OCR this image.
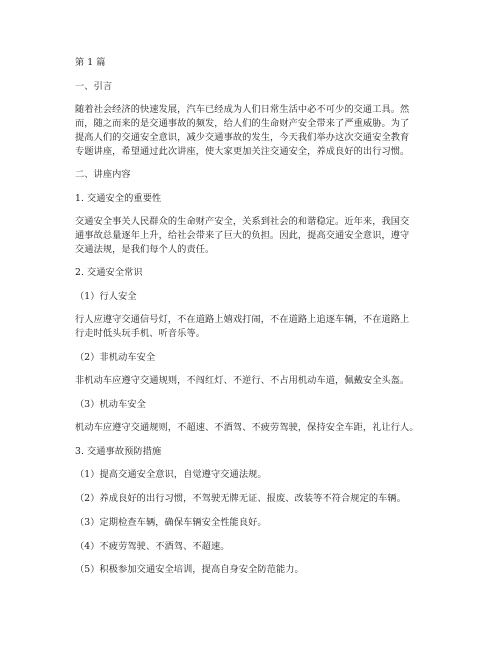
第 1 篇
一、引言
随着社会经济的快速发展，汽车已经成为人们日常生活中必不可少的交通工具。然
而，随之而来的是交通事故的频发，给人们的生命财产安全带来了严重威胁。为了
提高人们的交通安全意识，减少交通事故的发生，今天我们举办这次交通安全教育
专题讲座，希望通过此次讲座，使大家更加关注交通安全，养成良好的出行习惯。
二、讲座内容
1. 交通安全的重要性
交通安全事关人民群众的生命财产安全，关系到社会的和谐稳定。近年来，我国交
通事故总量逐年上升，给社会带来了巨大的负担。因此，提高交通安全意识，遵守
交通法规，是我们每个人的责任。
2. 交通安全常识
（1）行人安全
行人应遵守交通信号灯，不在道路上嬉戏打闹，不在道路上追逐车辆，不在道路上
行走时低头玩手机、听音乐等。
（2）非机动车安全
非机动车应遵守交通规则，不闯红灯、不逆行、不占用机动车道，佩戴安全头盔。
（3）机动车安全
机动车应遵守交通规则，不超速、不酒驾、不疲劳驾驶，保持安全车距，礼让行人。
3. 交通事故预防措施
（1）提高交通安全意识，自觉遵守交通法规。
（2）养成良好的出行习惯，不驾驶无牌无证、报废、改装等不符合规定的车辆。
（3）定期检查车辆，确保车辆安全性能良好。
（4）不疲劳驾驶、不酒驾、不超速。
（5）积极参加交通安全培训，提高自身安全防范能力。
